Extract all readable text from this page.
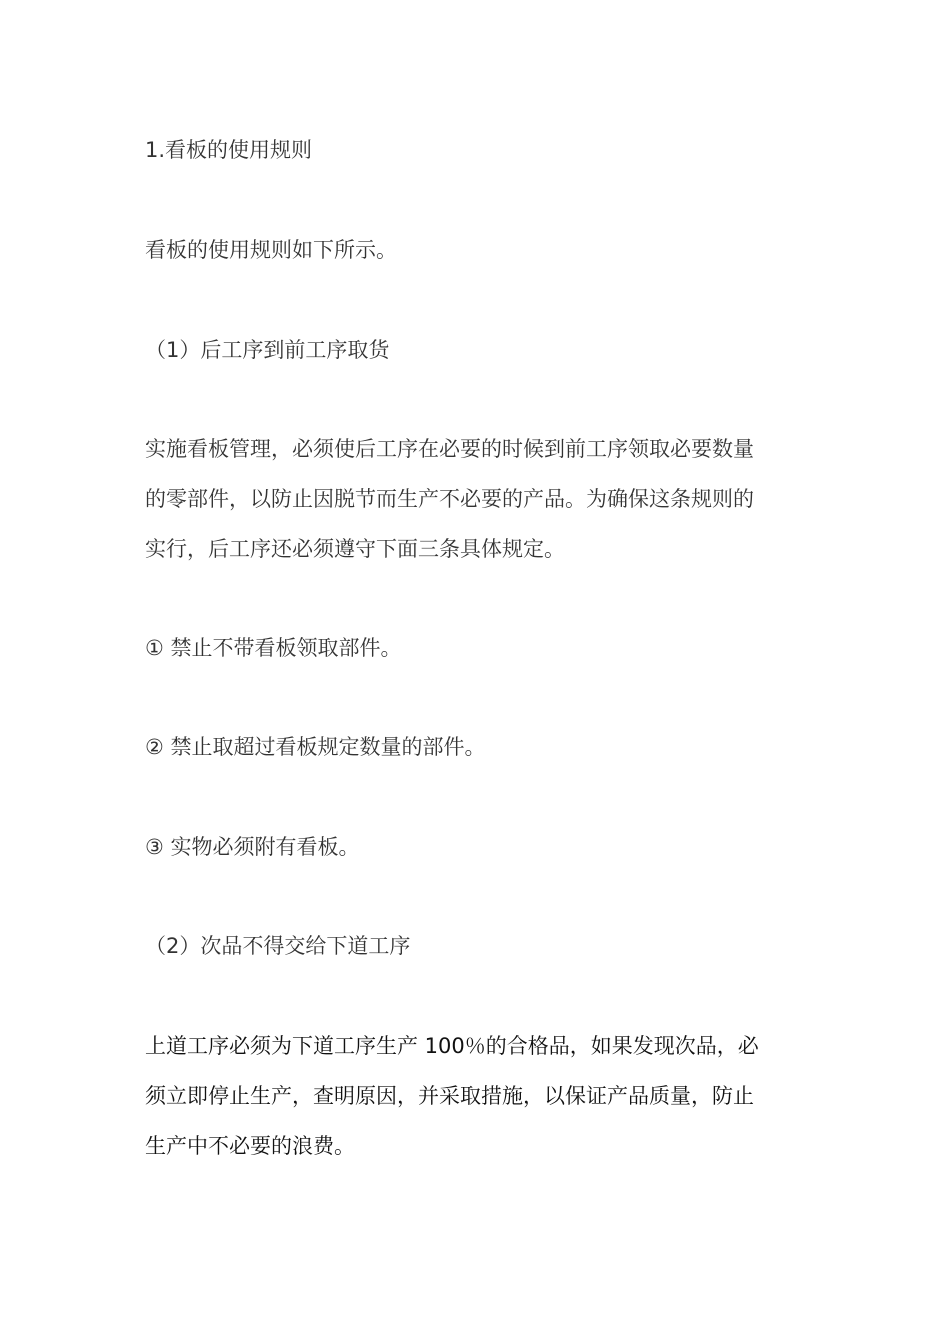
1.看板的使用规则

看板的使用规则如下所示。

（1）后工序到前工序取货

实施看板管理，必须使后工序在必要的时候到前工序领取必要数量
的零部件，以防止因脱节而生产不必要的产品。为确保这条规则的
实行，后工序还必须遵守下面三条具体规定。

① 禁止不带看板领取部件。

② 禁止取超过看板规定数量的部件。

③ 实物必须附有看板。

（2）次品不得交给下道工序

上道工序必须为下道工序生产 100％的合格品，如果发现次品，必
须立即停止生产，查明原因，并采取措施，以保证产品质量，防止
生产中不必要的浪费。
